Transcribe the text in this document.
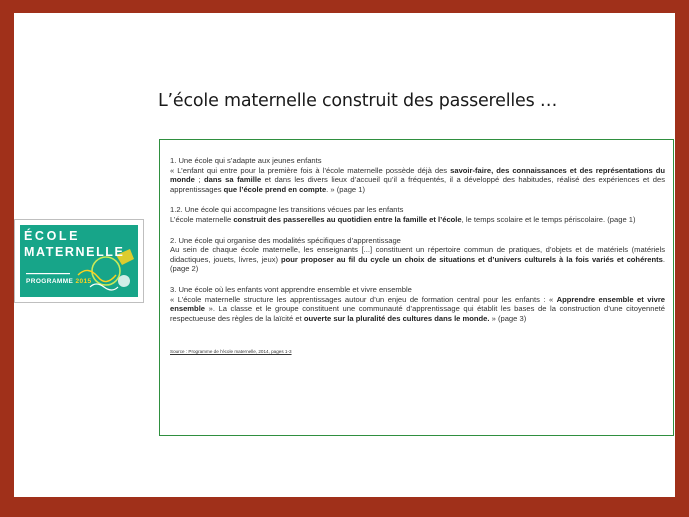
L’école maternelle construit des passerelles …
ÉCOLE
MATERNELLE
PROGRAMME 2015

1. Une école qui s’adapte aux jeunes enfants

« L’enfant qui entre pour la première fois à l’école maternelle possède déjà des savoir-faire, des connaissances et des représentations du monde ; dans sa famille et dans les divers lieux d’accueil qu’il a fréquentés, il a développé des habitudes, réalisé des expériences et des apprentissages que l’école prend en compte. » (page 1)

1.2. Une école qui accompagne les transitions vécues par les enfants

L’école maternelle construit des passerelles au quotidien entre la famille et l’école, le temps scolaire et le temps périscolaire. (page 1)

2. Une école qui organise des modalités spécifiques d’apprentissage

Au sein de chaque école maternelle, les enseignants [...] constituent un répertoire commun de pratiques, d’objets et de matériels (matériels didactiques, jouets, livres, jeux) pour proposer au fil du cycle un choix de situations et d’univers culturels à la fois variés et cohérents. (page 2)

3. Une école où les enfants vont apprendre ensemble et vivre ensemble

« L’école maternelle structure les apprentissages autour d’un enjeu de formation central pour les enfants : « Apprendre ensemble et vivre ensemble ». La classe et le groupe constituent une communauté d’apprentissage qui établit les bases de la construction d’une citoyenneté respectueuse des règles de la laïcité et ouverte sur la pluralité des cultures dans le monde. » (page 3)

Source : Programme de l’école maternelle, 2014, pages 1-3
